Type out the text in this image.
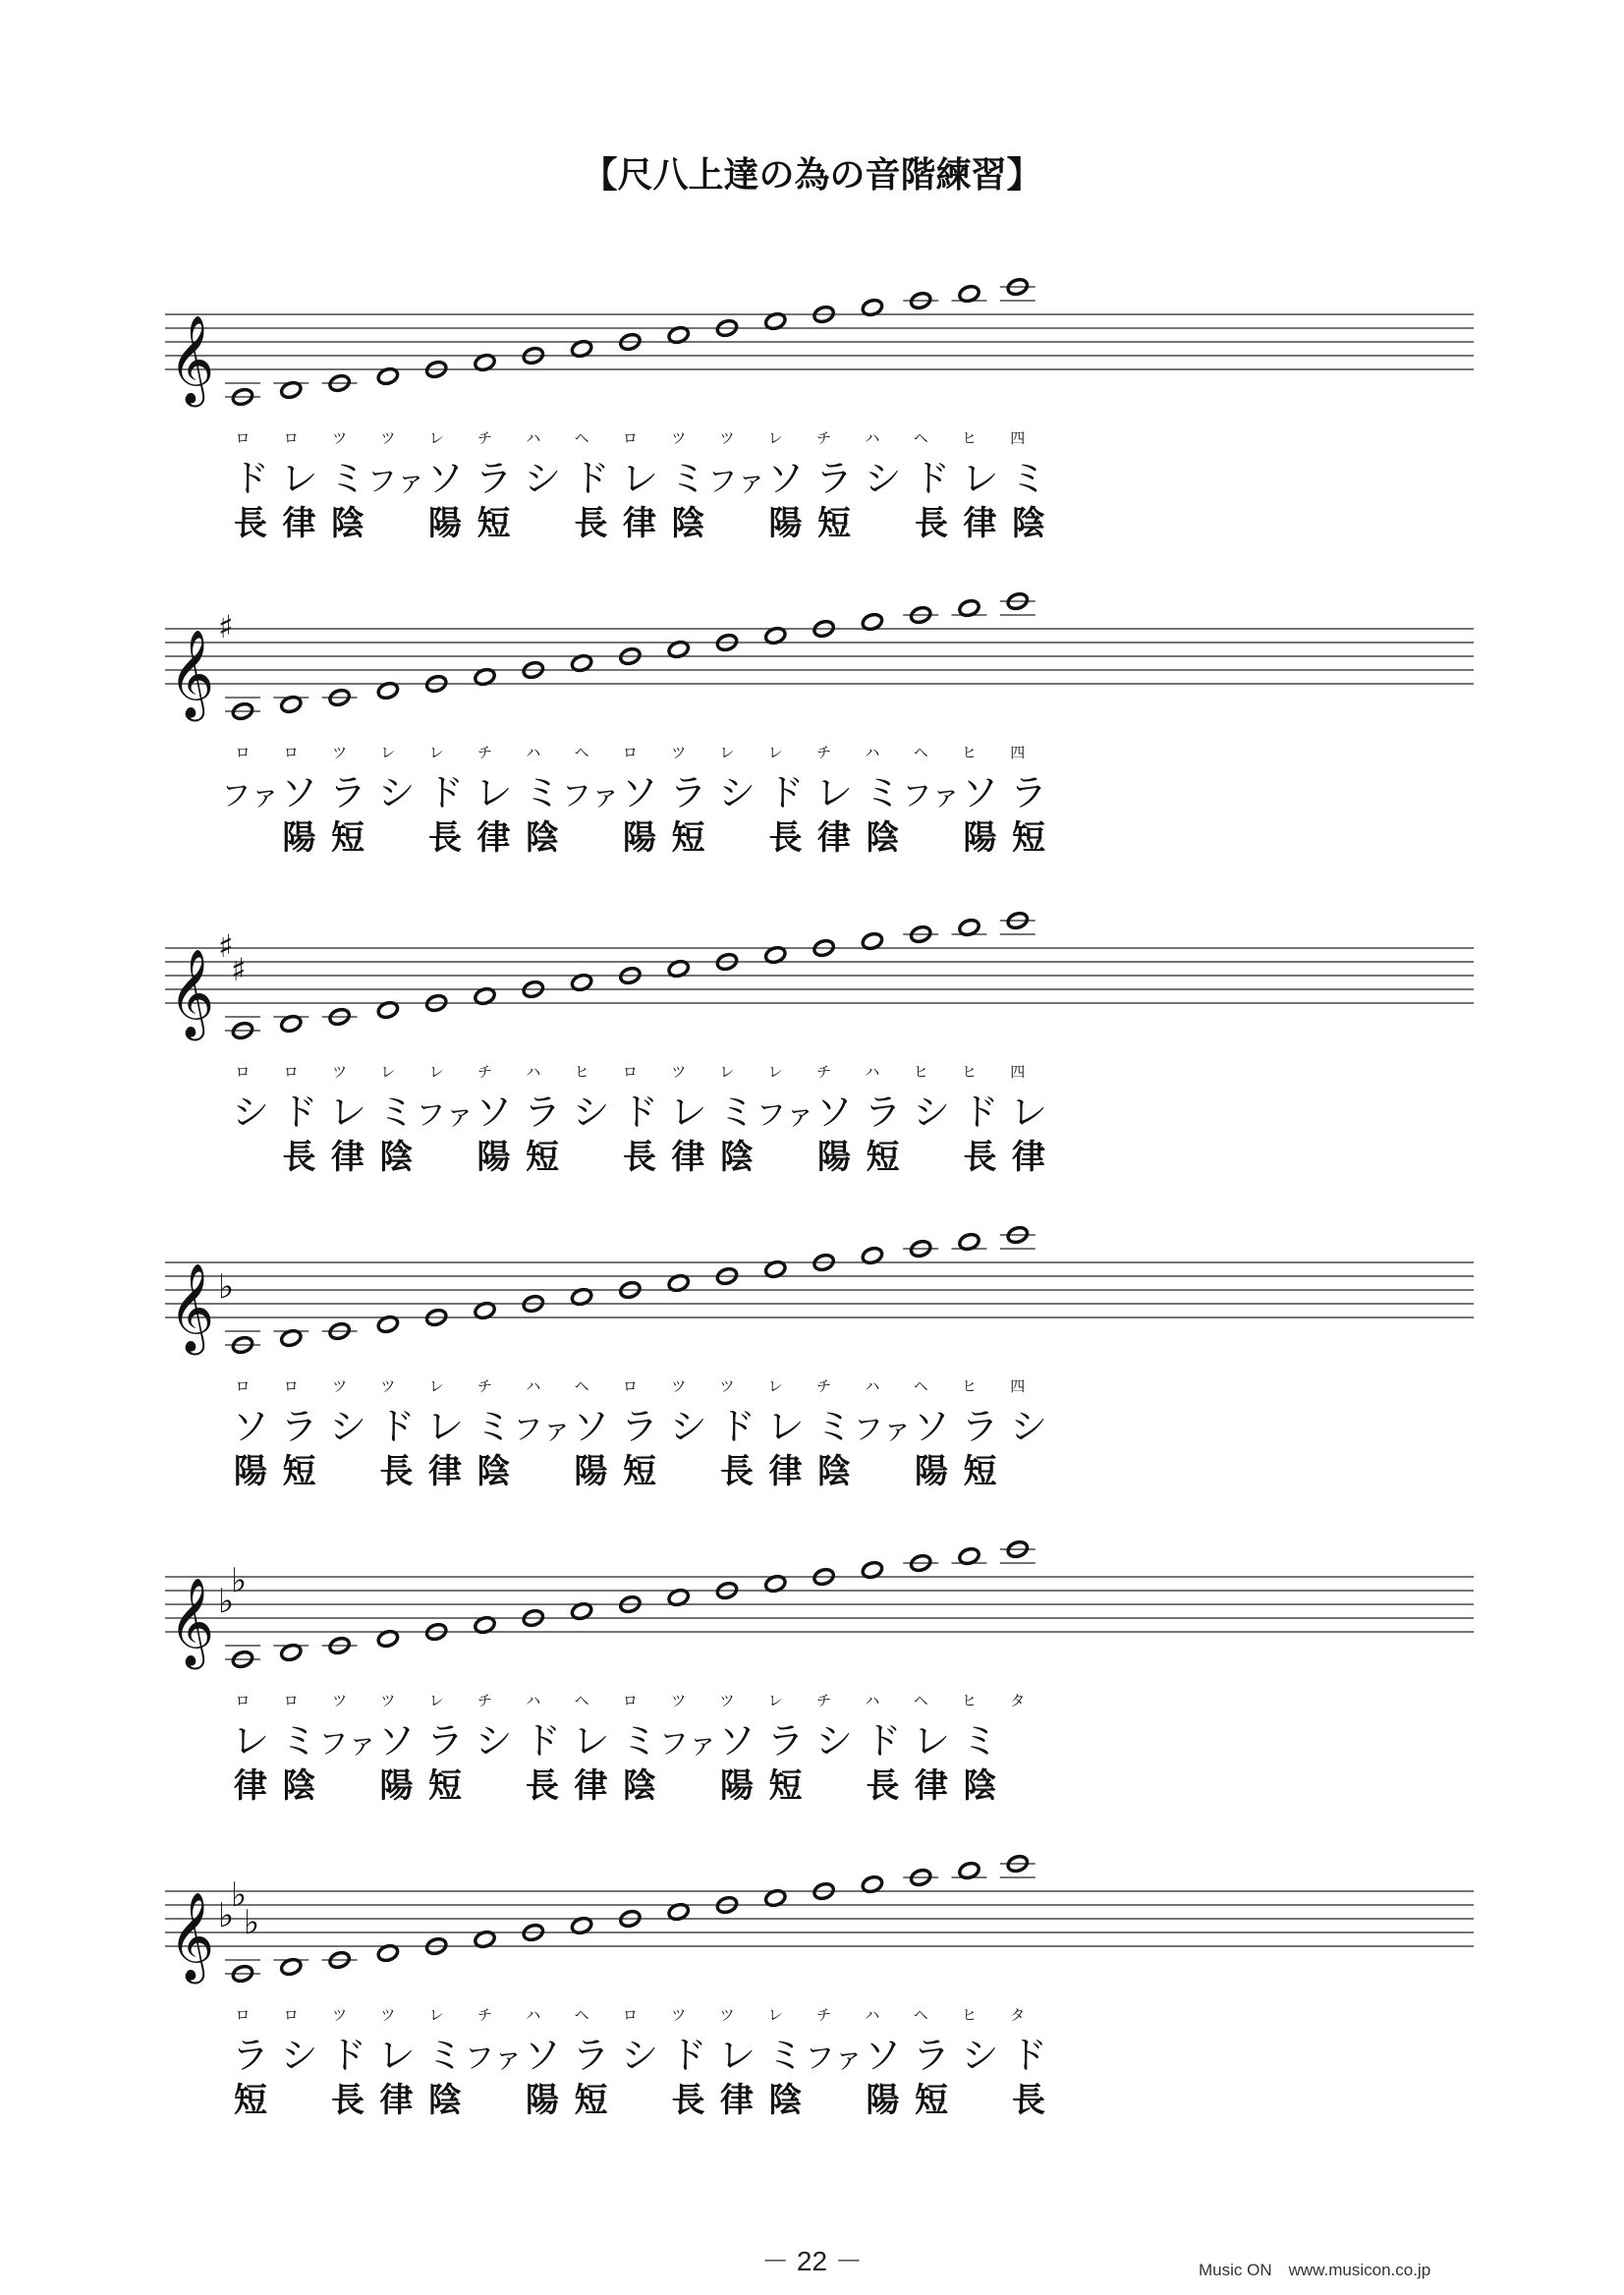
【尺八上達の為の音階練習】
𝄞
ロ ロ ツ ツ レ チ ハ ヘ ロ ツ ツ レ チ ハ ヘ ヒ 四
ド レ ミ ファ ソ ラ シ ド レ ミ ファ ソ ラ シ ド レ ミ
長 律 陰 陽 短 長 律 陰 陽 短 長 律 陰
𝄞
♯
ロ ロ ツ レ レ チ ハ ヘ ロ ツ レ レ チ ハ ヘ ヒ 四
ファ ソ ラ シ ド レ ミ ファ ソ ラ シ ド レ ミ ファ ソ ラ
陽 短 長 律 陰 陽 短 長 律 陰 陽 短
𝄞
♯
♯
ロ ロ ツ レ レ チ ハ ヒ ロ ツ レ レ チ ハ ヒ ヒ 四
シ ド レ ミ ファ ソ ラ シ ド レ ミ ファ ソ ラ シ ド レ
長 律 陰 陽 短 長 律 陰 陽 短 長 律
𝄞 ♭
ロ ロ ツ ツ レ チ ハ ヘ ロ ツ ツ レ チ ハ ヘ ヒ 四
ソ ラ シ ド レ ミ ファ ソ ラ シ ド レ ミ ファ ソ ラ シ
陽 短 長 律 陰 陽 短 長 律 陰 陽 短
𝄞 ♭
♭
ロ ロ ツ ツ レ チ ハ ヘ ロ ツ ツ レ チ ハ ヘ ヒ タ
レ ミ ファ ソ ラ シ ド レ ミ ファ ソ ラ シ ド レ ミ
律 陰 陽 短 長 律 陰 陽 短 長 律 陰
𝄞 ♭
♭
♭
ロ ロ ツ ツ レ チ ハ ヘ ロ ツ ツ レ チ ハ ヘ ヒ タ
ラ シ ド レ ミ ファ ソ ラ シ ド レ ミ ファ ソ ラ シ ド
短 長 律 陰 陽 短 長 律 陰 陽 短 長
－ 22 －	Music ON　www.musicon.co.jp
